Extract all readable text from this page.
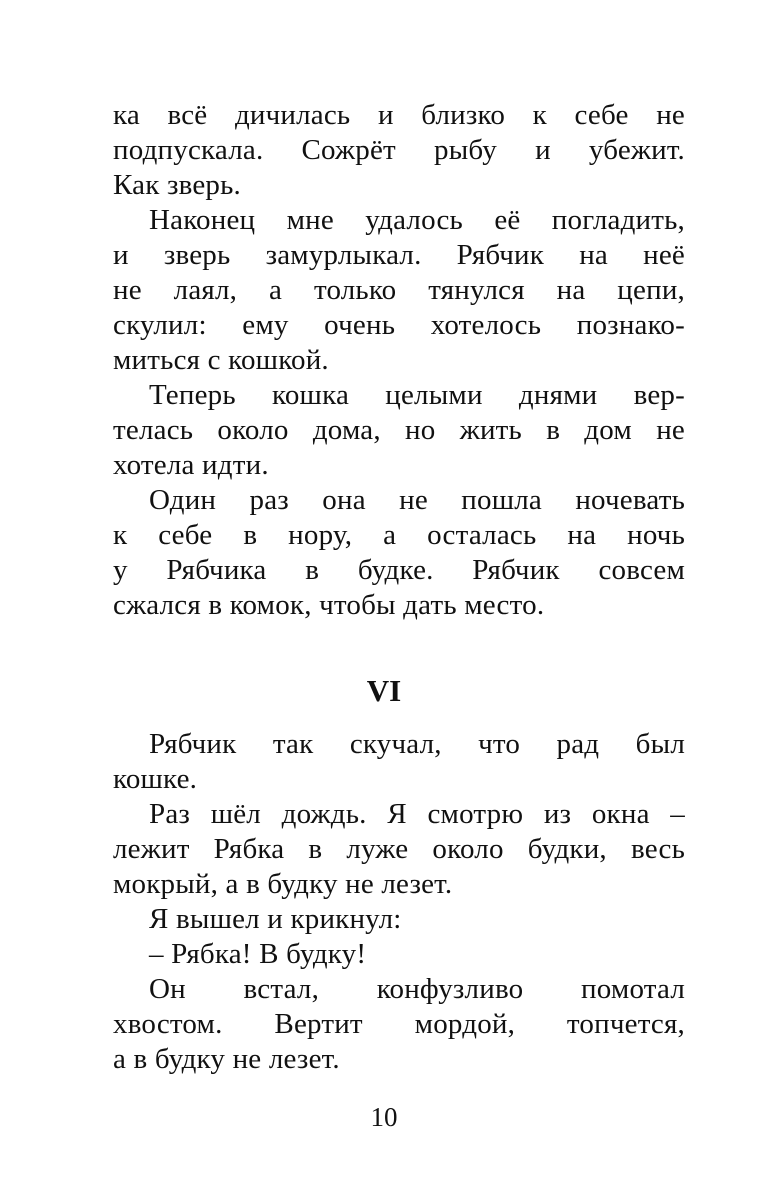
ка всё дичилась и близко к себе не
подпускала. Сожрёт рыбу и убежит.
Как зверь.
Наконец мне удалось её погладить,
и зверь замурлыкал. Рябчик на неё
не лаял, а только тянулся на цепи,
скулил: ему очень хотелось познако-
миться с кошкой.
Теперь кошка целыми днями вер-
телась около дома, но жить в дом не
хотела идти.
Один раз она не пошла ночевать
к себе в нору, а осталась на ночь
у Рябчика в будке. Рябчик совсем
сжался в комок, чтобы дать место.
VI
Рябчик так скучал, что рад был
кошке.
Раз шёл дождь. Я смотрю из окна –
лежит Рябка в луже около будки, весь
мокрый, а в будку не лезет.
Я вышел и крикнул:
– Рябка! В будку!
Он встал, конфузливо помотал
хвостом. Вертит мордой, топчется,
а в будку не лезет.
10
